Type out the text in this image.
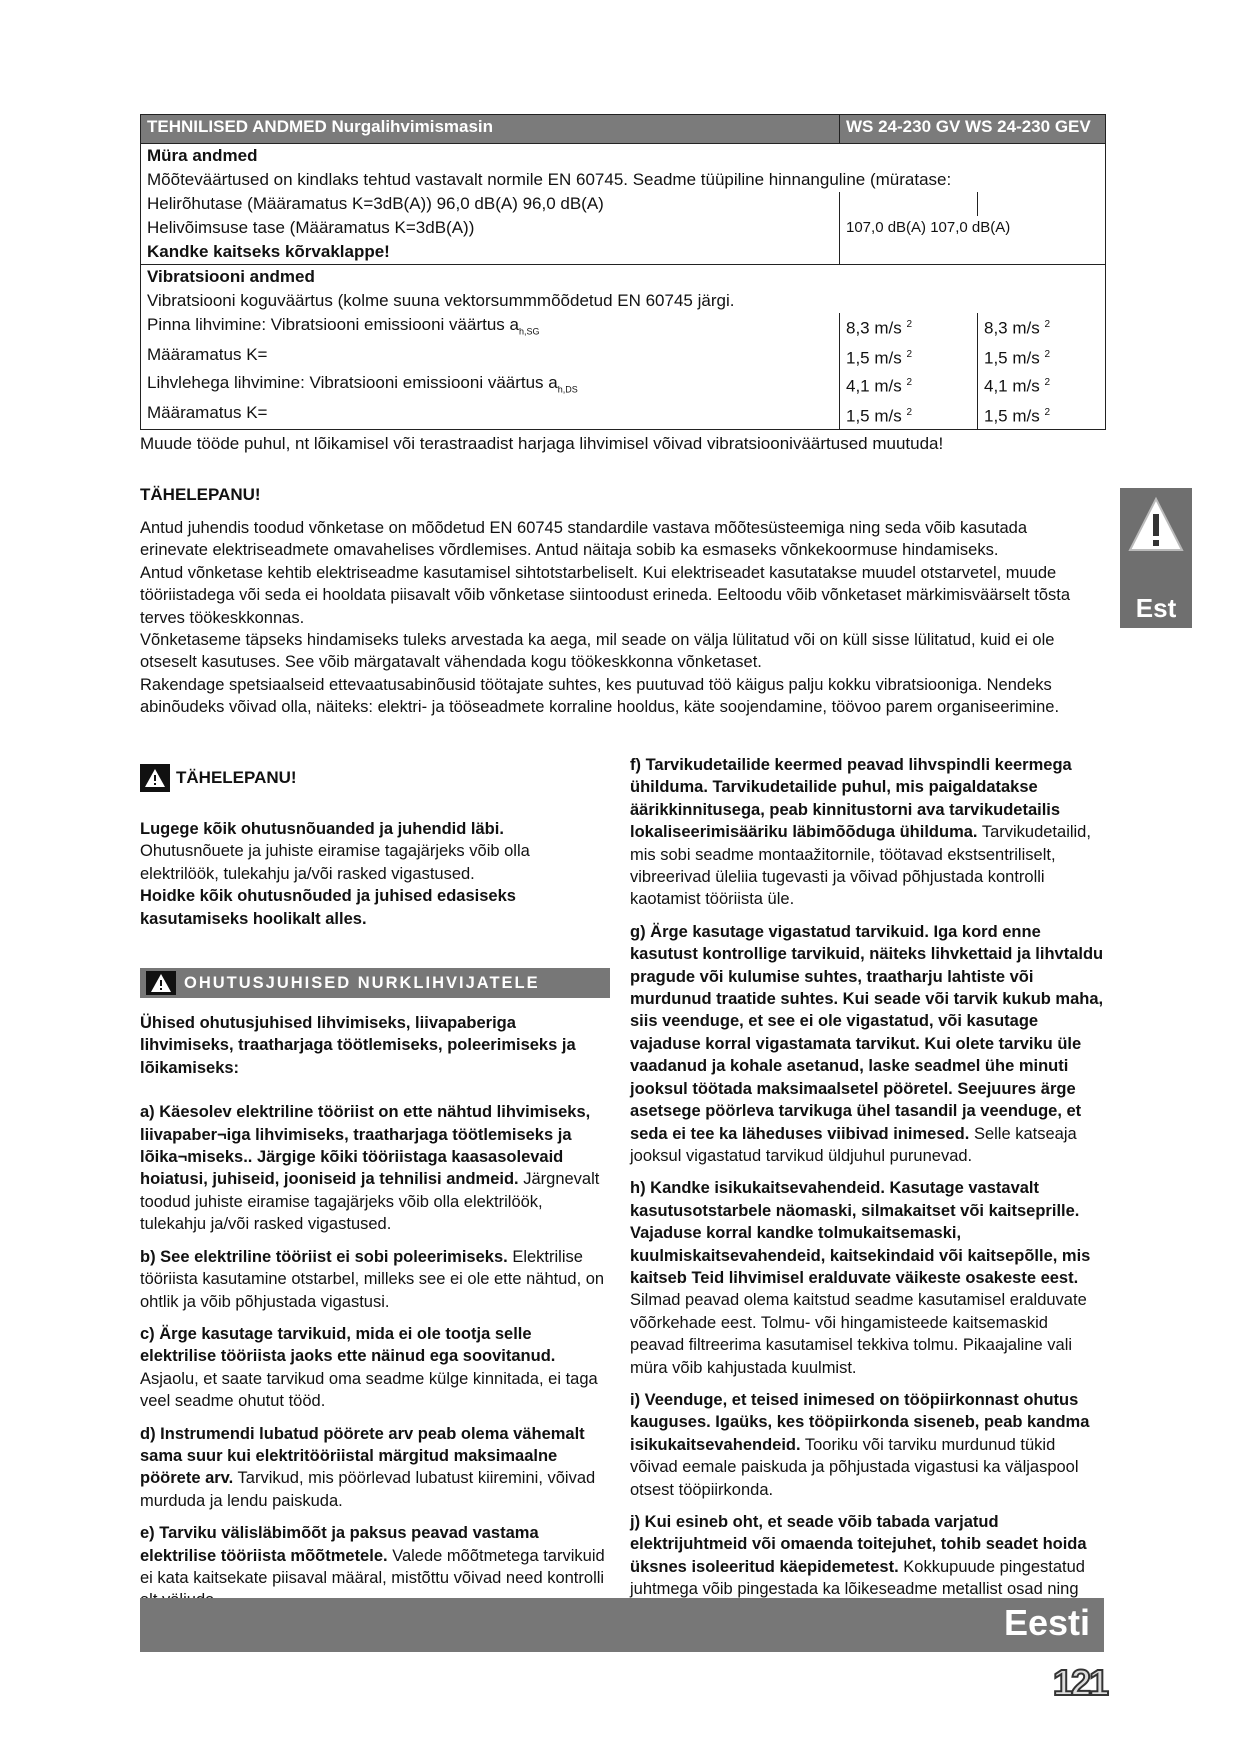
TEHNILISED ANDMED Nurgalihvimismasin	WS 24-230 GV WS 24-230 GEV	
Müra andmed		
Mõõteväärtused on kindlaks tehtud vastavalt normile EN 60745. Seadme tüüpiline hinnanguline (müratase:		
Helirõhutase (Määramatus K=3dB(A)) 96,0 dB(A) 96,0 dB(A)		
Helivõimsuse tase (Määramatus K=3dB(A))	107,0 dB(A) 107,0 dB(A)	
Kandke kaitseks kõrvaklappe!		
Vibratsiooni andmed		
Vibratsiooni koguväärtus (kolme suuna vektorsummmõõdetud EN 60745 järgi.		
Pinna lihvimine: Vibratsiooni emissiooni väärtus $a_{h,SG}$	8,3 m/s $^2$	8,3 m/s $^2$
Määramatus K=	1,5 m/s $^2$	1,5 m/s $^2$
Lihvlehega lihvimine: Vibratsiooni emissiooni väärtus $a_{h,DS}$	4,1 m/s $^2$	4,1 m/s $^2$
Määramatus K=	1,5 m/s $^2$	1,5 m/s $^2$
Muude tööde puhul, nt lõikamisel või terastraadist harjaga lihvimisel võivad vibratsiooniväärtused muutuda!
TÄHELEPANU!
Antud juhendis toodud võnketase on mõõdetud EN 60745 standardile vastava mõõtesüsteemiga ning seda võib kasutada erinevate elektriseadmete omavahelises võrdlemises. Antud näitaja sobib ka esmaseks võnkekoormuse hindamiseks.
Antud võnketase kehtib elektriseadme kasutamisel sihtotstarbeliselt. Kui elektriseadet kasutatakse muudel otstarvetel, muude tööriistadega või seda ei hooldata piisavalt võib võnketase siintoodust erineda. Eeltoodu võib võnketaset märkimisväärselt tõsta terves töökeskkonnas.
Võnketaseme täpseks hindamiseks tuleks arvestada ka aega, mil seade on välja lülitatud või on küll sisse lülitatud, kuid ei ole otseselt kasutuses. See võib märgatavalt vähendada kogu töökeskkonna võnketaset.
Rakendage spetsiaalseid ettevaatusabinõusid töötajate suhtes, kes puutuvad töö käigus palju kokku vibratsiooniga. Nendeks abinõudeks võivad olla, näiteks: elektri- ja tööseadmete korraline hooldus, käte soojendamine, töövoo parem organiseerimine.
Est
TÄHELEPANU!

Lugege kõik ohutusnõuanded ja juhendid läbi. Ohutusnõuete ja juhiste eiramise tagajärjeks võib olla elektrilöök, tulekahju ja/või rasked vigastused.

Hoidke kõik ohutusnõuded ja juhised edasiseks kasutamiseks hoolikalt alles.

OHUTUSJUHISED NURKLIHVIJATELE

Ühised ohutusjuhised lihvimiseks, liivapaberiga lihvimiseks, traatharjaga töötlemiseks, poleerimiseks ja lõikamiseks:

a) Käesolev elektriline tööriist on ette nähtud lihvimiseks, liivapaber¬iga lihvimiseks, traatharjaga töötlemiseks ja lõika¬miseks.. Järgige kõiki tööriistaga kaasasolevaid hoiatusi, juhiseid, jooniseid ja tehnilisi andmeid. Järgnevalt toodud juhiste eiramise tagajärjeks võib olla elektrilöök, tulekahju ja/või rasked vigastused.

b) See elektriline tööriist ei sobi poleerimiseks. Elektrilise tööriista kasutamine otstarbel, milleks see ei ole ette nähtud, on ohtlik ja võib põhjustada vigastusi.

c) Ärge kasutage tarvikuid, mida ei ole tootja selle elektrilise tööriista jaoks ette näinud ega soovitanud. Asjaolu, et saate tarvikud oma seadme külge kinnitada, ei taga veel seadme ohutut tööd.

d) Instrumendi lubatud pöörete arv peab olema vähemalt sama suur kui elektritööriistal märgitud maksimaalne pöörete arv. Tarvikud, mis pöörlevad lubatust kiiremini, võivad murduda ja lendu paiskuda.

e) Tarviku välisläbimõõt ja paksus peavad vastama elektrilise tööriista mõõtmetele. Valede mõõtmetega tarvikuid ei kata kaitsekate piisaval määral, mistõttu võivad need kontrolli

f) Tarvikudetailide keermed peavad lihvspindli keermega ühilduma. Tarvikudetailide puhul, mis paigaldatakse äärikkinnitusega, peab kinnitustorni ava tarvikudetailis lokaliseerimisääriku läbimõõduga ühilduma. Tarvikudetailid, mis sobi seadme montaažitornile, töötavad ekstsentriliselt, vibreerivad üleliia tugevasti ja võivad põhjustada kontrolli kaotamist tööriista üle.

g) Ärge kasutage vigastatud tarvikuid. Iga kord enne kasutust kontrollige tarvikuid, näiteks lihvkettaid ja lihvtaldu pragude või kulumise suhtes, traatharju lahtiste või murdunud traatide suhtes. Kui seade või tarvik kukub maha, siis veenduge, et see ei ole vigastatud, või kasutage vajaduse korral vigastamata tarvikut. Kui olete tarviku üle vaadanud ja kohale asetanud, laske seadmel ühe minuti jooksul töötada maksimaalsetel pööretel. Seejuures ärge asetsege pöörleva tarvikuga ühel tasandil ja veenduge, et seda ei tee ka läheduses viibivad inimesed. Selle katseaja jooksul vigastatud tarvikud üldjuhul purunevad.

h) Kandke isikukaitsevahendeid. Kasutage vastavalt kasutusotstarbele näomaski, silmakaitset või kaitseprille. Vajaduse korral kandke tolmukaitsemaski, kuulmiskaitsevahendeid, kaitsekindaid või kaitsepõlle, mis kaitseb Teid lihvimisel eralduvate väikeste osakeste eest. Silmad peavad olema kaitstud seadme kasutamisel eralduvate võõrkehade eest. Tolmu- või hingamisteede kaitsemaskid peavad filtreerima kasutamisel tekkiva tolmu. Pikaajaline vali müra võib kahjustada kuulmist.

i) Veenduge, et teised inimesed on tööpiirkonnast ohutus kauguses. Igaüks, kes tööpiirkonda siseneb, peab kandma isikukaitsevahendeid. Tooriku või tarviku murdunud tükid võivad eemale paiskuda ja põhjustada vigastusi ka väljaspool otsest tööpiirkonda.

j) Kui esineb oht, et seade võib tabada varjatud elektrijuhtmeid või omaenda toitejuhet, tohib seadet hoida üksnes isoleeritud käepidemetest. Kokkupuude pingestatud juhtmega võib pingestada ka lõikeseadme metallist osad ning

Eesti
121
